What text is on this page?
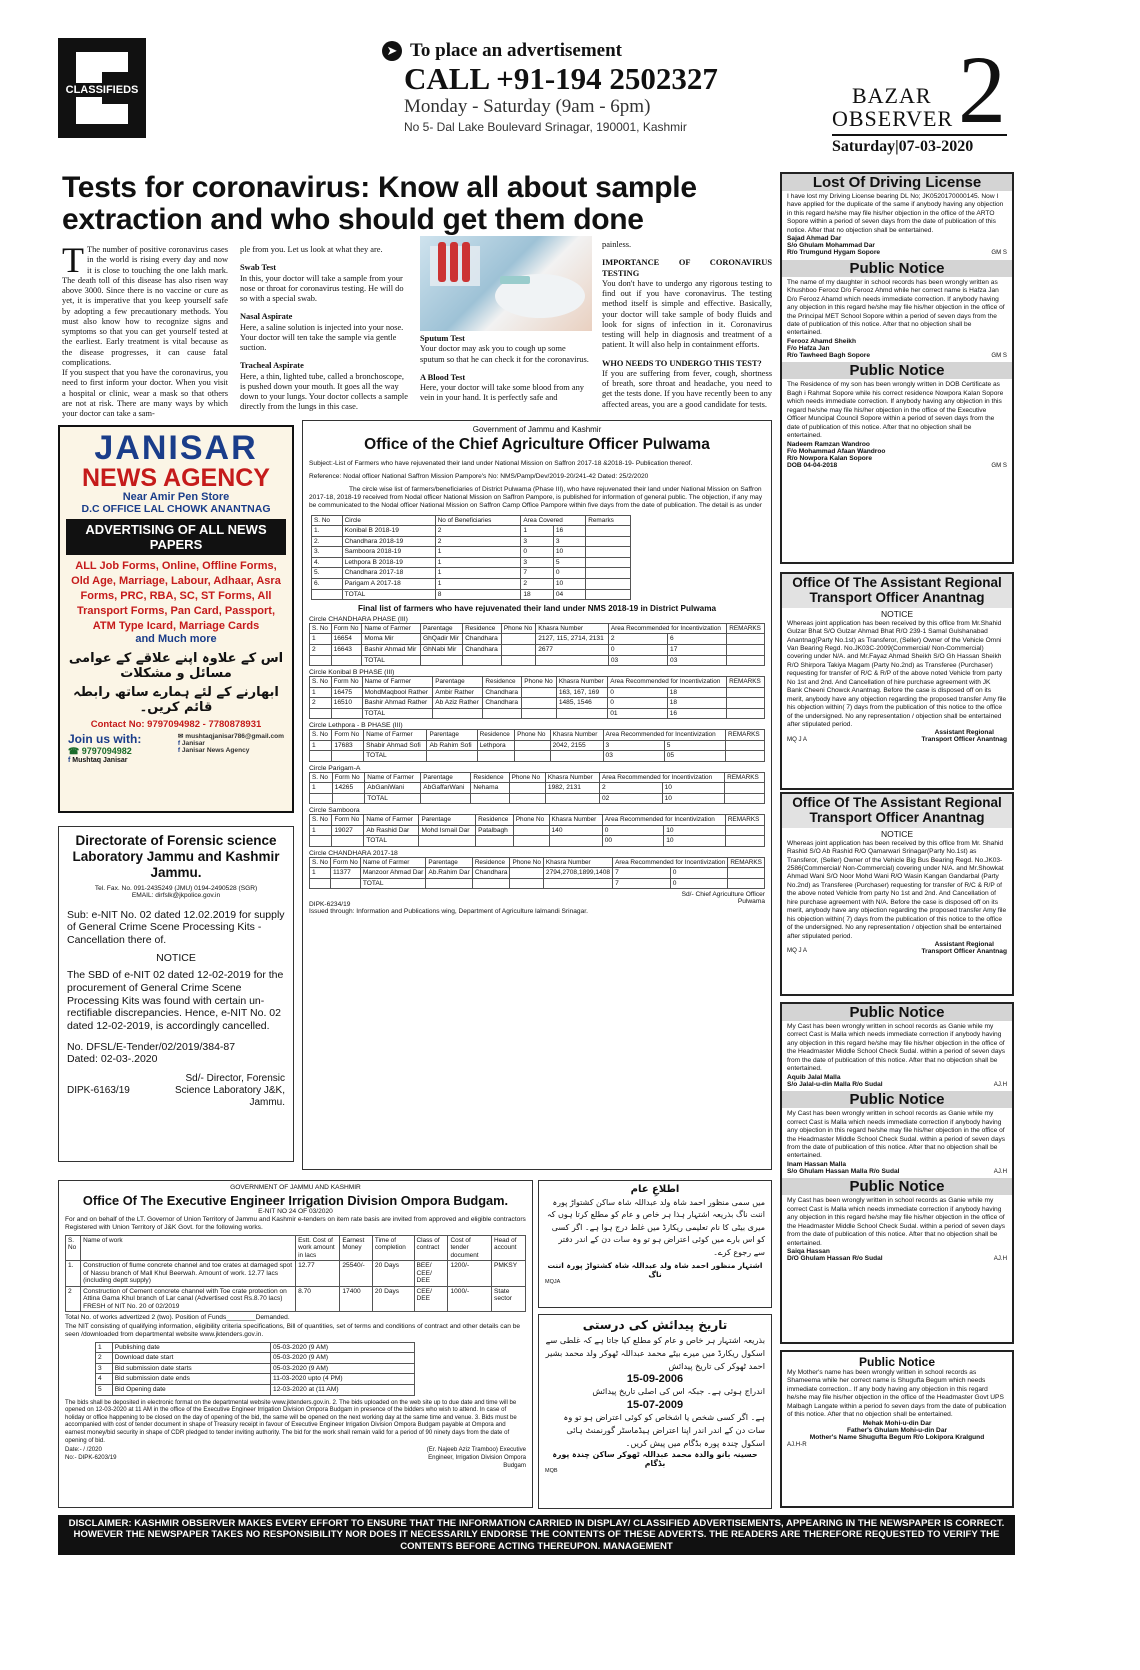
CLASSIFIEDS
➤ To place an advertisement
CALL +91-194 2502327
Monday - Saturday (9am - 6pm)
No 5- Dal Lake Boulevard Srinagar, 190001, Kashmir
BAZAR
OBSERVER 2
Saturday|07-03-2020
Tests for coronavirus: Know all about sample extraction and who should get them done

T The number of positive coronavirus cases in the world is rising every day and now it is close to touching the one lakh mark. The death toll of this disease has also risen way above 3000. Since there is no vaccine or cure as yet, it is imperative that you keep yourself safe by adopting a few precautionary methods. You must also know how to recognize signs and symptoms so that you can get yourself tested at the earliest. Early treatment is vital because as the disease progresses, it can cause fatal complications.

If you suspect that you have the coronavirus, you need to first inform your doctor. When you visit a hospital or clinic, wear a mask so that others are not at risk. There are many ways by which your doctor can take a sam-

ple from you. Let us look at what they are.

Swab Test

In this, your doctor will take a sample from your nose or throat for coronavirus testing. He will do so with a special swab.

Nasal Aspirate

Here, a saline solution is injected into your nose. Your doctor will ten take the sample via gentle suction.

Tracheal Aspirate

Here, a thin, lighted tube, called a bronchoscope, is pushed down your mouth. It goes all the way down to your lungs. Your doctor collects a sample directly from the lungs in this case.

Sputum Test

Your doctor may ask you to cough up some sputum so that he can check it for the coronavirus.

A Blood Test

Here, your doctor will take some blood from any vein in your hand. It is perfectly safe and

painless.

IMPORTANCE OF CORONAVIRUS TESTING

You don't have to undergo any rigorous testing to find out if you have coronavirus. The testing method itself is simple and effective. Basically, your doctor will take sample of body fluids and look for signs of infection in it. Coronavirus testing will help in diagnosis and treatment of a patient. It will also help in containment efforts.

WHO NEEDS TO UNDERGO THIS TEST?

If you are suffering from fever, cough, shortness of breath, sore throat and headache, you need to get the tests done. If you have recently been to any affected areas, you are a good candidate for tests.

JANISAR
NEWS AGENCY
Near Amir Pen Store
D.C OFFICE LAL CHOWK ANANTNAG
ADVERTISING OF ALL NEWS PAPERS
ALL Job Forms, Online, Offline Forms, Old Age, Marriage, Labour, Adhaar, Asra Forms, PRC, RBA, SC, ST Forms, All Transport Forms, Pan Card, Passport, ATM Type Icard, Marriage Cards
and Much more
اس کے علاوہ اپنے علاقے کے عوامی مسائل و مشکلات
ابھارنے کے لئے ہمارے ساتھ رابطہ قائم کریں۔
Contact No: 9797094982 - 7780878931
Join us with:
☎ 9797094982
f Mushtaq Janisar
✉ mushtaqjanisar786@gmail.com
f Janisar
f Janisar News Agency
Directorate of Forensic science Laboratory Jammu and Kashmir Jammu.
Tel. Fax. No. 091-2435249 (JMU) 0194-2490528 (SGR)
EMAIL: dirfslk@jkpolice.gov.in
Sub: e-NIT No. 02 dated 12.02.2019 for supply of General Crime Scene Processing Kits -Cancellation there of.
NOTICE
The SBD of e-NIT 02 dated 12-02-2019 for the procurement of General Crime Scene Processing Kits was found with certain un-rectifiable discrepancies. Hence, e-NIT No. 02 dated 12-02-2019, is accordingly cancelled.
No. DFSL/E-Tender/02/2019/384-87
Dated: 02-03-.2020
DIPK-6163/19
Sd/- Director, Forensic Science Laboratory J&K, Jammu.
Government of Jammu and Kashmir
Office of the Chief Agriculture Officer Pulwama
Subject:-List of Farmers who have rejuvenated their land under National Mission on Saffron 2017-18 &2018-19- Publication thereof.
Reference: Nodal officer National Saffron Mission Pampore's No: NMS/Pamp/Dev/2019-20/241-42 Dated: 25/2/2020
The circle wise list of farmers/beneficiaries of District Pulwama (Phase III), who have rejuvenated their land under National Mission on Saffron 2017-18, 2018-19 received from Nodal officer National Mission on Saffron Pampore, is published for information of general public. The objection, if any may be communicated to the Nodal officer National Mission on Saffron Camp Office Pampore within five days from the date of publication. The detail is as under
S. No	Circle	No of Beneficiaries	Area Covered		Remarks
1.	Konibal B 2018-19	2	1	16	
2.	Chandhara 2018-19	2	3	3	
3.	Samboora 2018-19	1	0	10	
4.	Lethpora B 2018-19	1	3	5	
5.	Chandhara 2017-18	1	7	0	
6.	Parigam A 2017-18	1	2	10	
	TOTAL	8	18	04	
Final list of farmers who have rejuvenated their land under NMS 2018-19 in District Pulwama
Circle CHANDHARA PHASE (III)
S. No	Form No	Name of Farmer	Parentage	Residence	Phone No	Khasra Number	Area Recommended for Incentivization		REMARKS
1	16654	Moma Mir	GhQadir Mir	Chandhara		2127, 115, 2714, 2131	2	6	
2	16643	Bashir Ahmad Mir	GhNabi Mir	Chandhara		2677	0	17	
		TOTAL					03	03	
Circle Konibal B PHASE (III)
S. No	Form No	Name of Farmer	Parentage	Residence	Phone No	Khasra Number	Area Recommended for Incentivization		REMARKS
1	16475	MohdMaqbool Rather	Ambir Rather	Chandhara		163, 167, 169	0	18	
2	16510	Bashir Ahmad Rather	Ab Aziz Rather	Chandhara		1485, 1546	0	18	
		TOTAL					01	16	
Circle Lethpora - B PHASE (III)
S. No	Form No	Name of Farmer	Parentage	Residence	Phone No	Khasra Number	Area Recommended for Incentivization		REMARKS
1	17683	Shabir Ahmad Sofi	Ab Rahim Sofi	Lethpora		2042, 2155	3	5	
		TOTAL					03	05	
Circle Parigam-A
S. No	Form No	Name of Farmer	Parentage	Residence	Phone No	Khasra Number	Area Recommended for Incentivization		REMARKS
1	14265	AbGaniWani	AbGaffarWani	Nehama		1982, 2131	2	10	
		TOTAL					02	10	
Circle Samboora
S. No	Form No	Name of Farmer	Parentage	Residence	Phone No	Khasra Number	Area Recommended for Incentivization		REMARKS
1	19027	Ab Rashid Dar	Mohd Ismail Dar	Patalbagh		140	0	10	
		TOTAL					00	10	
Circle CHANDHARA 2017-18
S. No	Form No	Name of Farmer	Parentage	Residence	Phone No	Khasra Number	Area Recommended for Incentivization		REMARKS
1	11377	Manzoor Ahmad Dar	Ab.Rahim Dar	Chandhara		2794,2708,1899,1408	7	0	
		TOTAL					7	0	
DIPK-6234/19
Issued through: Information and Publications wing, Department of Agriculture lalmandi Srinagar.
Sd/- Chief Agriculture Officer Pulwama
GOVERNMENT OF JAMMU AND KASHMIR
Office Of The Executive Engineer Irrigation Division Ompora Budgam.
E-NIT NO 24 OF 03/2020
For and on behalf of the LT. Governor of Union Territory of Jammu and Kashmir e-tenders on item rate basis are invited from approved and eligible contractors Registered with Union Territory of J&K Govt. for the following works.
S. No	Name of work	Estt. Cost of work amount in lacs	Earnest Money	Time of completion	Class of contract	Cost of tender document	Head of account
1.	Construction of flume concrete channel and toe crates at damaged spot of Nassu branch of Mall Khul Beerwah. Amount of work. 12.77 lacs (including deptt supply)	12.77	25540/-	20 Days	BEE/ CEE/ DEE	1200/-	PMKSY
2	Construction of Cement concrete channel with Toe crate protection on Attina Gama Khul branch of Lar canal (Advertised cost Rs.8.70 lacs) FRESH of NIT No. 20 of 02/2019	8.70	17400	20 Days	CEE/ DEE	1000/-	State sector
Total No. of works advertized 2 (two). Position of Funds________Demanded.
The NIT consisting of qualifying information, eligibility criteria specifications, Bill of quantities, set of terms and conditions of contract and other details can be seen /downloaded from departmental website www.jktenders.gov.in.
1	Publishing date	05-03-2020 (9 AM)
2	Download date start	05-03-2020 (9 AM)
3	Bid submission date starts	05-03-2020 (9 AM)
4	Bid submission date ends	11-03-2020 upto (4 PM)
5	Bid Opening date	12-03-2020 at (11 AM)
The bids shall be deposited in electronic format on the departmental website www.jktenders.gov.in. 2. The bids uploaded on the web site up to due date and time will be opened on 12-03-2020 at 11 AM in the office of the Executive Engineer Irrigation Division Ompora Budgam in presence of the bidders who wish to attend. In case of holiday or office happening to be closed on the day of opening of the bid, the same will be opened on the next working day at the same time and venue. 3. Bids must be accompanied with cost of tender document in shape of Treasury receipt in favour of Executive Engineer Irrigation Division Ompora Budgam payable at Ompora and earnest money/bid security in shape of CDR pledged to tender inviting authority. The bid for the work shall remain valid for a period of 90 ninety days from the date of opening of bid.
Date:- / /2020
No:- DIPK-6203/19
(Er. Najeeb Aziz Tramboo) Executive Engineer, Irrigation Division Ompora Budgam
اطلاعِ عام
میں سمی منظور احمد شاہ ولد عبداللہ شاہ ساکن کشتواڑ پورہ اننت ناگ بذریعہ اشتہار ہذا ہر خاص و عام کو مطلع کرتا ہوں کہ میری بیٹی کا نام تعلیمی ریکارڈ میں غلط درج ہوا ہے۔ اگر کسی کو اس بارے میں کوئی اعتراض ہو تو وہ سات دن کے اندر دفتر سے رجوع کرے۔
اشتہار منظور احمد شاہ ولد عبداللہ شاہ کشتواڑ پورہ اننت ناگ
MQJA
تاریخ پیدائش کی درستی
بذریعہ اشتہار ہر خاص و عام کو مطلع کیا جاتا ہے کہ غلطی سے اسکول ریکارڈ میں میرے بیٹے محمد عبداللہ ٹھوکر ولد محمد بشیر احمد ٹھوکر کی تاریخ پیدائش
15-09-2006
اندراج ہوئی ہے۔ جبکہ اس کی اصلی تاریخ پیدائش
15-07-2009
ہے۔ اگر کسی شخص یا اشخاص کو کوئی اعتراض ہو تو وہ سات دن کے اندر اندر اپنا اعتراض ہیڈماسٹر گورنمنٹ ہائی اسکول چندہ پورہ بڈگام میں پیش کریں۔
حسینہ بانو والدہ محمد عبداللہ ٹھوکر ساکن چندہ پورہ بڈگام
MQB
Lost Of Driving License
I have lost my Driving License bearing DL No; JK0520170000145. Now I have applied for the duplicate of the same if anybody having any objection in this regard he/she may file his/her objection in the office of the ARTO Sopore within a period of seven days from the date of publication of this notice. After that no objection shall be entertained.
Sajad Ahmad Dar
S/o Ghulam Mohammad Dar
R/o Trumgund Hygam Sopore	GM S
Public Notice
The name of my daughter in school records has been wrongly written as Khushboo Ferooz D/o Ferooz Ahmd while her correct name is Hafza Jan D/o Ferooz Ahamd which needs immediate correction. If anybody having any objection in this regard he/she may file his/her objection in the office of the Principal MET School Sopore within a period of seven days from the date of publication of this notice. After that no objection shall be entertained.
Ferooz Ahamd Sheikh
F/o Hafza Jan
R/o Tawheed Bagh Sopore	GM S
Public Notice
The Residence of my son has been wrongly written in DOB Certificate as Bagh i Rahmat Sopore while his correct residence Nowpora Kalan Sopore which needs immediate correction. If anybody having any objection in this regard he/she may file his/her objection in the office of the Executive Officer Muncipal Council Sopore within a period of seven days from the date of publication of this notice. After that no objection shall be entertained.
Nadeem Ramzan Wandroo
F/o Mohammad Afaan Wandroo
R/o Nowpora Kalan Sopore
DOB 04-04-2018	GM S
Office Of The Assistant Regional Transport Officer Anantnag
NOTICE
Whereas joint application has been received by this office from Mr.Shahid Gulzar Bhat S/O Gulzar Ahmad Bhat R/O 239-1 Samal Gulshanabad Anantnag(Party No.1st) as Transferor, (Seller) Owner of the Vehicle Omni Van Bearing Regd. No.JK03C-2009(Commercial/ Non-Commercial) covering under N/A. and Mr.Fayaz Ahmad Sheikh S/O Gh Hassan Sheikh R/O Shirpora Takiya Magam (Party No.2nd) as Transferee (Purchaser) requesting for transfer of R/C & R/P of the above noted Vehicle from party No 1st and 2nd. And Cancellation of hire purchase agreement with JK Bank Cheeni Chowck Anantnag. Before the case is disposed off on its merit, anybody have any objection regarding the proposed transfer Amy file his objection within( 7) days from the publication of this notice to the office of the undersigned. No any representation / objection shall be entertained after stipulated period.
MQ J A
Assistant Regional
Transport Officer Anantnag
Office Of The Assistant Regional Transport Officer Anantnag
NOTICE
Whereas joint application has been received by this office from Mr. Shahid Rashid S/O Ab Rashid R/O Qamarwari Srinagar(Party No.1st) as Transferor, (Seller) Owner of the Vehicle Big Bus Bearing Regd. No.JK03-2586(Commercial/ Non-Commercial) covering under N/A. and Mr.Showkat Ahmad Wani S/O Noor Mohd Wani R/O Wasin Kangan Gandarbal (Party No.2nd) as Transferee (Purchaser) requesting for transfer of R/C & R/P of the above noted Vehicle from party No 1st and 2nd. And Cancellation of hire purchase agreement with N/A. Before the case is disposed off on its merit, anybody have any objection regarding the proposed transfer Amy file his objection within( 7) days from the publication of this notice to the office of the undersigned. No any representation / objection shall be entertained after stipulated period.
MQ J A
Assistant Regional
Transport Officer Anantnag
Public Notice
My Cast has been wrongly written in school records as Ganie while my correct Cast is Malla which needs immediate correction if anybody having any objection in this regard he/she may file his/her objection in the office of the Headmaster Middle School Check Sudal. within a period of seven days from the date of publication of this notice. After that no objection shall be entertained.
Aquib Jalal Malla
S/o Jalal-u-din Malla R/o Sudal	AJ.H
Public Notice
My Cast has been wrongly written in school records as Ganie while my correct Cast is Malla which needs immediate correction if anybody having any objection in this regard he/she may file his/her objection in the office of the Headmaster Middle School Check Sudal. within a period of seven days from the date of publication of this notice. After that no objection shall be entertained.
Inam Hassan Malla
S/o Ghulam Hassan Malla R/o Sudal	AJ.H
Public Notice
My Cast has been wrongly written in school records as Ganie while my correct Cast is Malla which needs immediate correction if anybody having any objection in this regard he/she may file his/her objection in the office of the Headmaster Middle School Check Sudal. within a period of seven days from the date of publication of this notice. After that no objection shall be entertained.
Saiqa Hassan
D/O Ghulam Hassan R/o Sudal	AJ.H
Public Notice
My Mother's name has been wrongly written in school records as Shameema while her correct name is Shugufta Begum which needs immediate correction.. If any body having any objection in this regard he/she may file his/her objection in the office of the Headmaster Govt UPS Malbagh Langate within a period fo seven days from the date of publication of this notice. After that no objection shall be entertained.
Mehak Mohi-u-din Dar
Father's Ghulam Mohi-u-din Dar
Mother's Name Shugufta Begum R/o Lokipora Kralgund
AJ.H-R
DISCLAIMER: KASHMIR OBSERVER MAKES EVERY EFFORT TO ENSURE THAT THE INFORMATION CARRIED IN DISPLAY/ CLASSIFIED ADVERTISEMENTS, APPEARING IN THE NEWSPAPER IS CORRECT. HOWEVER THE NEWSPAPER TAKES NO RESPONSIBILITY NOR DOES IT NECESSARILY ENDORSE THE CONTENTS OF THESE ADVERTS. THE READERS ARE THEREFORE REQUESTED TO VERIFY THE CONTENTS BEFORE ACTING THEREUPON. MANAGEMENT
